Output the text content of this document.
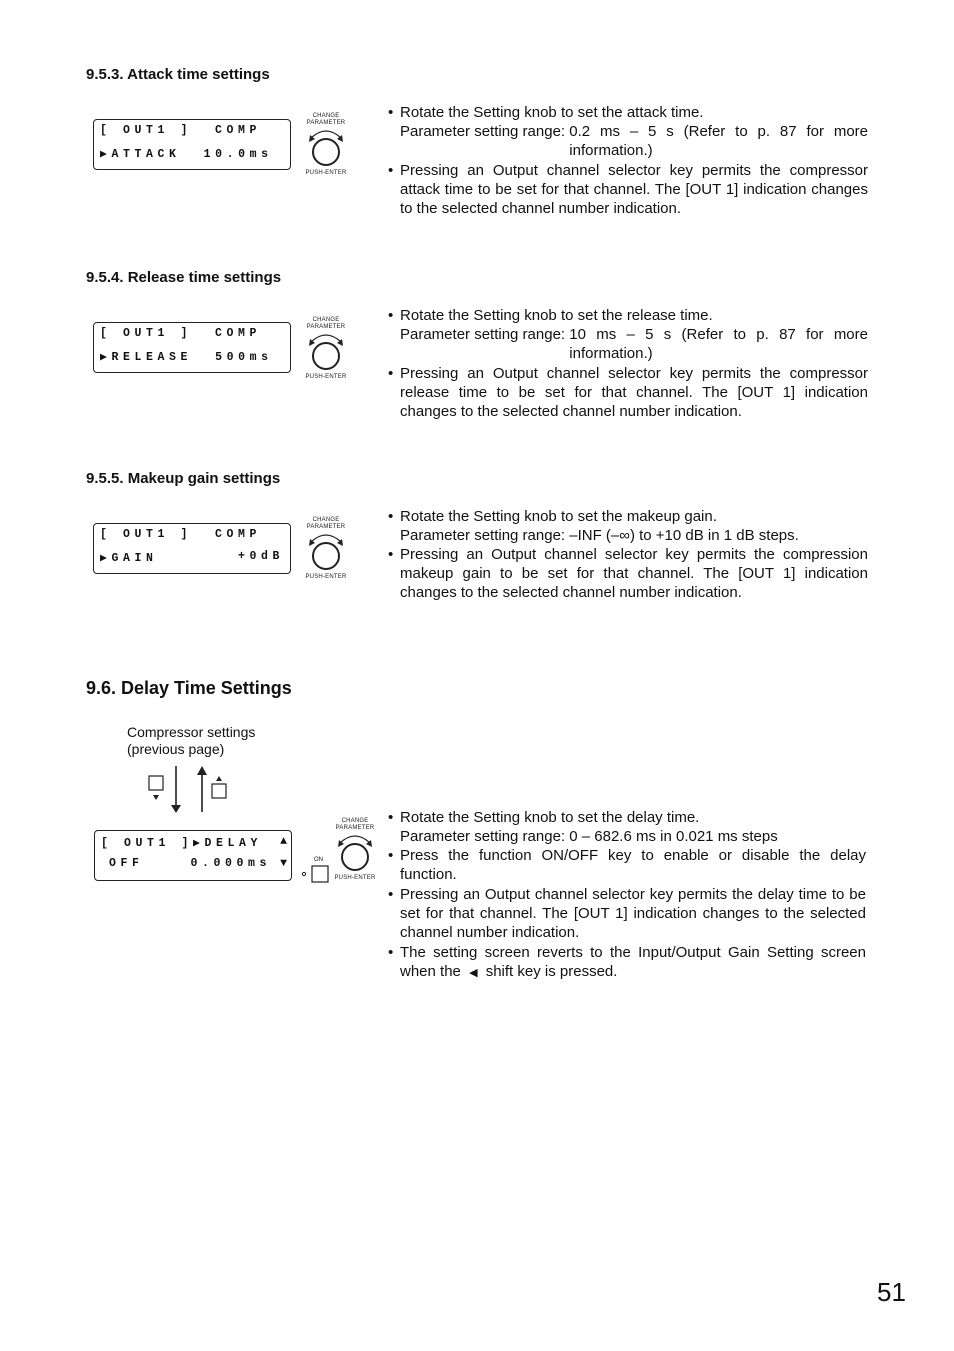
9.5.3. Attack time settings
[ OUT1 ]  COMP
▶ATTACK 10.0ms
CHANGE
PARAMETER
PUSH-ENTER
• Rotate the Setting knob to set the attack time.
Parameter setting range: 0.2 ms – 5 s (Refer to p. 87 for more information.)
• Pressing an Output channel selector key permits the compressor attack time to be set for that channel. The [OUT 1] indication changes to the selected channel number indication.
9.5.4. Release time settings
[ OUT1 ]  COMP
▶RELEASE 500ms
CHANGE
PARAMETER
PUSH-ENTER
• Rotate the Setting knob to set the release time.
Parameter setting range: 10 ms – 5 s (Refer to p. 87 for more information.)
• Pressing an Output channel selector key permits the compressor release time to be set for that channel. The [OUT 1] indication changes to the selected channel number indication.
9.5.5. Makeup gain settings
[ OUT1 ]  COMP
▶GAIN	+0dB
CHANGE
PARAMETER
PUSH-ENTER
• Rotate the Setting knob to set the makeup gain.
Parameter setting range: –INF (–∞) to +10 dB in 1 dB steps.
• Pressing an Output channel selector key permits the compression makeup gain to be set for that channel. The [OUT 1] indication changes to the selected channel number indication.
9.6. Delay Time Settings
Compressor settings
(previous page)
[ OUT1 ]▶DELAY ▲
OFF	0.000ms ▼	ON
CHANGE
PARAMETER
PUSH-ENTER
• Rotate the Setting knob to set the delay time.
Parameter setting range: 0 – 682.6 ms in 0.021 ms steps
• Press the function ON/OFF key to enable or disable the delay function.
• Pressing an Output channel selector key permits the delay time to be set for that channel. The [OUT 1] indication changes to the selected channel number indication.
• The setting screen reverts to the Input/Output Gain Setting screen when the ◀ shift key is pressed.
51
